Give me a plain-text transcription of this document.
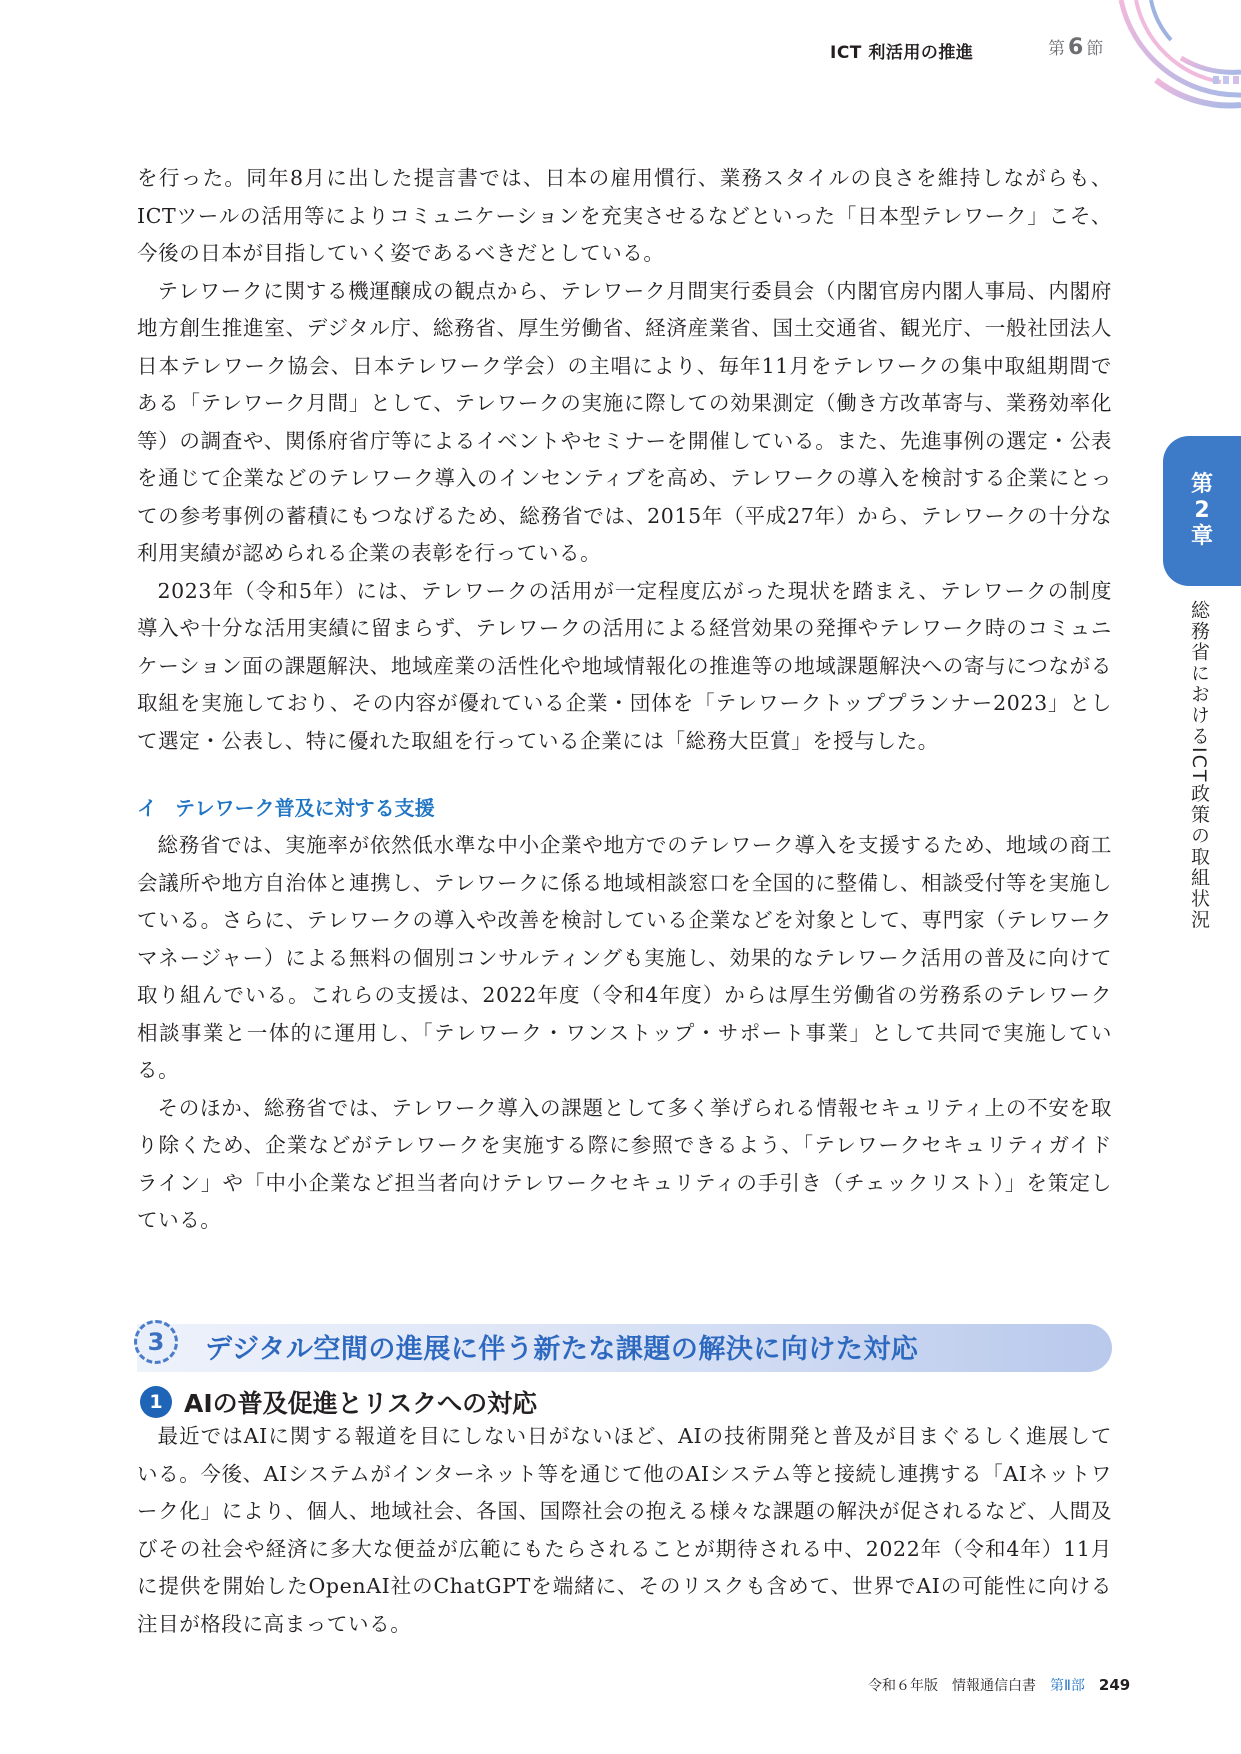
ICT 利活用の推進	第 6 節

を行った。同年8月に出した提言書では、日本の雇用慣行、業務スタイルの良さを維持しながらも、ICTツールの活用等によりコミュニケーションを充実させるなどといった「日本型テレワーク」こそ、今後の日本が目指していく姿であるべきだとしている。

テレワークに関する機運醸成の観点から、テレワーク月間実行委員会（内閣官房内閣人事局、内閣府地方創生推進室、デジタル庁、総務省、厚生労働省、経済産業省、国土交通省、観光庁、一般社団法人日本テレワーク協会、日本テレワーク学会）の主唱により、毎年11月をテレワークの集中取組期間である「テレワーク月間」として、テレワークの実施に際しての効果測定（働き方改革寄与、業務効率化等）の調査や、関係府省庁等によるイベントやセミナーを開催している。また、先進事例の選定・公表を通じて企業などのテレワーク導入のインセンティブを高め、テレワークの導入を検討する企業にとっての参考事例の蓄積にもつなげるため、総務省では、2015年（平成27年）から、テレワークの十分な利用実績が認められる企業の表彰を行っている。

2023年（令和5年）には、テレワークの活用が一定程度広がった現状を踏まえ、テレワークの制度導入や十分な活用実績に留まらず、テレワークの活用による経営効果の発揮やテレワーク時のコミュニケーション面の課題解決、地域産業の活性化や地域情報化の推進等の地域課題解決への寄与につながる取組を実施しており、その内容が優れている企業・団体を「テレワークトッププランナー2023」として選定・公表し、特に優れた取組を行っている企業には「総務大臣賞」を授与した。

イ テレワーク普及に対する支援

総務省では、実施率が依然低水準な中小企業や地方でのテレワーク導入を支援するため、地域の商工会議所や地方自治体と連携し、テレワークに係る地域相談窓口を全国的に整備し、相談受付等を実施している。さらに、テレワークの導入や改善を検討している企業などを対象として、専門家（テレワークマネージャー）による無料の個別コンサルティングも実施し、効果的なテレワーク活用の普及に向けて取り組んでいる。これらの支援は、2022年度（令和4年度）からは厚生労働省の労務系のテレワーク相談事業と一体的に運用し、「テレワーク・ワンストップ・サポート事業」として共同で実施している。

そのほか、総務省では、テレワーク導入の課題として多く挙げられる情報セキュリティ上の不安を取り除くため、企業などがテレワークを実施する際に参照できるよう、「テレワークセキュリティガイドライン」や「中小企業など担当者向けテレワークセキュリティの手引き（チェックリスト）」を策定している。

3	デジタル空間の進展に伴う新たな課題の解決に向けた対応
1 AIの普及促進とリスクへの対応

最近ではAIに関する報道を目にしない日がないほど、AIの技術開発と普及が目まぐるしく進展している。今後、AIシステムがインターネット等を通じて他のAIシステム等と接続し連携する「AIネットワーク化」により、個人、地域社会、各国、国際社会の抱える様々な課題の解決が促されるなど、人間及びその社会や経済に多大な便益が広範にもたらされることが期待される中、2022年（令和4年）11月に提供を開始したOpenAI社のChatGPTを端緒に、そのリスクも含めて、世界でAIの可能性に向ける注目が格段に高まっている。

第
2
章
総務省におけるICT政策の取組状況
令和６年版 情報通信白書 第Ⅱ部 249
